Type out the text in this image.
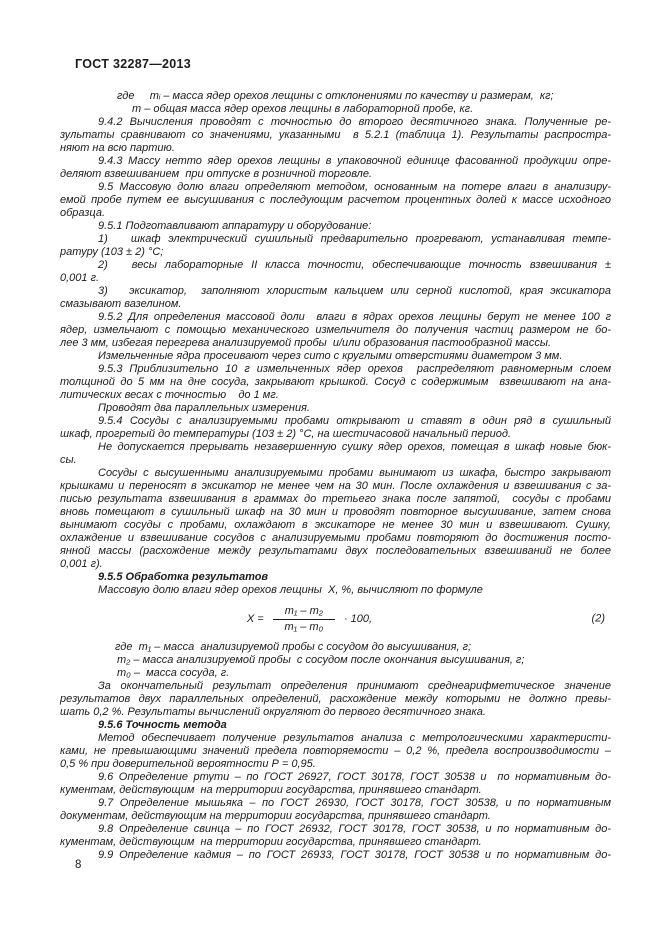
ГОСТ 32287—2013
где     mᵢ – масса ядер орехов лещины с отклонениями по качеству и размерам,  кг;
m – общая масса ядер орехов лещины в лабораторной пробе, кг.
9.4.2 Вычисления проводят с точностью до второго десятичного знака. Полученные ре-
зультаты сравнивают со значениями, указанными  в 5.2.1 (таблица 1). Результаты распростра-
няют на всю партию.
9.4.3 Массу нетто ядер орехов лещины в упаковочной единице фасованной продукции опре-
деляют взвешиванием  при отпуске в розничной торговле.
9.5 Массовую долю влаги определяют методом, основанным на потере влаги в анализиру-
емой пробе путем ее высушивания с последующим расчетом процентных долей к массе исходного
образца.
9.5.1 Подготавливают аппаратуру и оборудование:
1)   шкаф электрический сушильный предварительно прогревают, устанавливая темпе-
ратуру (103 ± 2) °С;
2)   весы лабораторные II класса точности, обеспечивающие точность взвешивания ±
0,001 г.
3)   эксикатор,  заполняют хлористым кальцием или серной кислотой, края эксикатора
смазывают вазелином.
9.5.2 Для определения массовой доли  влаги в ядрах орехов лещины берут не менее 100 г
ядер, измельчают с помощью механического измельчителя до получения частиц размером не бо-
лее 3 мм, избегая перегрева анализируемой пробы  и/или образования пастообразной массы.
Измельченные ядра просеивают через сито с круглыми отверстиями диаметром 3 мм.
9.5.3 Приблизительно 10 г измельченных ядер орехов  распределяют равномерным слоем
толщиной до 5 мм на дне сосуда, закрывают крышкой. Сосуд с содержимым  взвешивают на ана-
литических весах с точностью    до 1 мг.
Проводят два параллельных измерения.
9.5.4 Сосуды с анализируемыми пробами открывают и ставят в один ряд в сушильный
шкаф, прогретый до температуры (103 ± 2) °С, на шестичасовой начальный период.
Не допускается прерывать незавершенную сушку ядер орехов, помещая в шкаф новые бюк-
сы.
Сосуды с высушенными анализируемыми пробами вынимают из шкафа, быстро закрывают
крышками и переносят в эксикатор не менее чем на 30 мин. После охлаждения и взвешивания с за-
писью результата взвешивания в граммах до третьего знака после запятой,  сосуды с пробами
вновь помещают в сушильный шкаф на 30 мин и проводят повторное высушивание, затем снова
вынимают сосуды с пробами, охлаждают в эксикаторе не менее 30 мин и взвешивают. Сушку,
охлаждение и взвешивание сосудов с анализируемыми пробами повторяют до достижения посто-
янной массы (расхождение между результатами двух последовательных взвешиваний не более
0,001 г).
9.5.5 Обработка результатов
Массовую долю влаги ядер орехов лещины  X, %, вычисляют по формуле
$X = \frac{\text{m₁ – m₂}}{\text{m₁ – m₀}} \cdot 100$,	(2)
где  m₁ – масса  анализируемой пробы с сосудом до высушивания, г;
m₂ – масса анализируемой пробы  с сосудом после окончания высушивания, г;
m₀ –  масса сосуда, г.
За окончательный результат определения принимают среднеарифметическое значение
результатов двух параллельных определений, расхождение между которыми не должно превы-
шать 0,2 %. Результаты вычислений округляют до первого десятичного знака.
9.5.6 Точность метода
Метод обеспечивает получение результатов анализа с метрологическими характеристи-
ками, не превышающими значений предела повторяемости – 0,2 %, предела воспроизводимости –
0,5 % при доверительной вероятности Р = 0,95.
9.6 Определение ртути – по ГОСТ 26927, ГОСТ 30178, ГОСТ 30538 и  по нормативным до-
кументам, действующим  на территории государства, принявшего стандарт.
9.7 Определение мышьяка – по ГОСТ 26930, ГОСТ 30178, ГОСТ 30538, и по нормативным
документам, действующим на территории государства, принявшего стандарт.
9.8 Определение свинца – по ГОСТ 26932, ГОСТ 30178, ГОСТ 30538, и по нормативным до-
кументам, действующим  на территории государства, принявшего стандарт.
9.9 Определение кадмия – по ГОСТ 26933, ГОСТ 30178, ГОСТ 30538 и по нормативным до-
8
